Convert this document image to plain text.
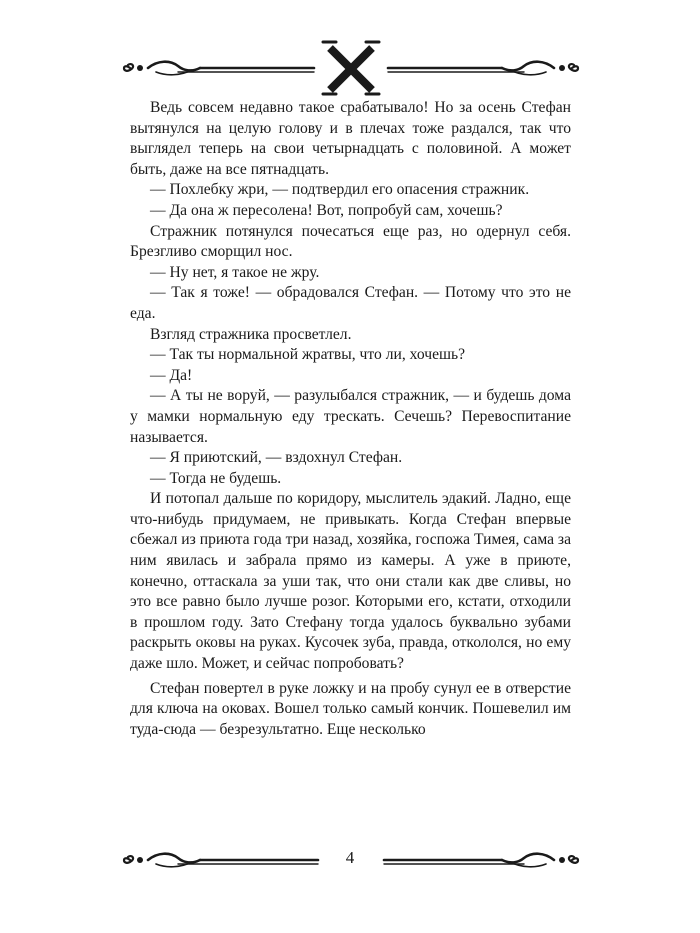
Ведь совсем недавно такое срабатывало! Но за осень Стефан вытянулся на целую голову и в плечах тоже раздался, так что выглядел теперь на свои четырнадцать с половиной. А может быть, даже на все пятнадцать.

— Похлебку жри, — подтвердил его опасения стражник.

— Да она ж пересолена! Вот, попробуй сам, хочешь?

Стражник потянулся почесаться еще раз, но одернул себя. Брезгливо сморщил нос.

— Ну нет, я такое не жру.

— Так я тоже! — обрадовался Стефан. — Потому что это не еда.

Взгляд стражника просветлел.

— Так ты нормальной жратвы, что ли, хочешь?

— Да!

— А ты не воруй, — разулыбался стражник, — и будешь дома у мамки нормальную еду трескать. Сечешь? Перевоспитание называется.

— Я приютский, — вздохнул Стефан.

— Тогда не будешь.

И потопал дальше по коридору, мыслитель эдакий. Ладно, еще что-нибудь придумаем, не привыкать. Когда Стефан впервые сбежал из приюта года три назад, хозяйка, госпожа Тимея, сама за ним явилась и забрала прямо из камеры. А уже в приюте, конечно, оттаскала за уши так, что они стали как две сливы, но это все равно было лучше розог. Которыми его, кстати, отходили в прошлом году. Зато Стефану тогда удалось буквально зубами раскрыть оковы на руках. Кусочек зуба, правда, откололся, но ему даже шло. Может, и сейчас попробовать?

Стефан повертел в руке ложку и на пробу сунул ее в отверстие для ключа на оковах. Вошел только самый кончик. Пошевелил им туда-сюда — безрезультатно. Еще несколько

4
